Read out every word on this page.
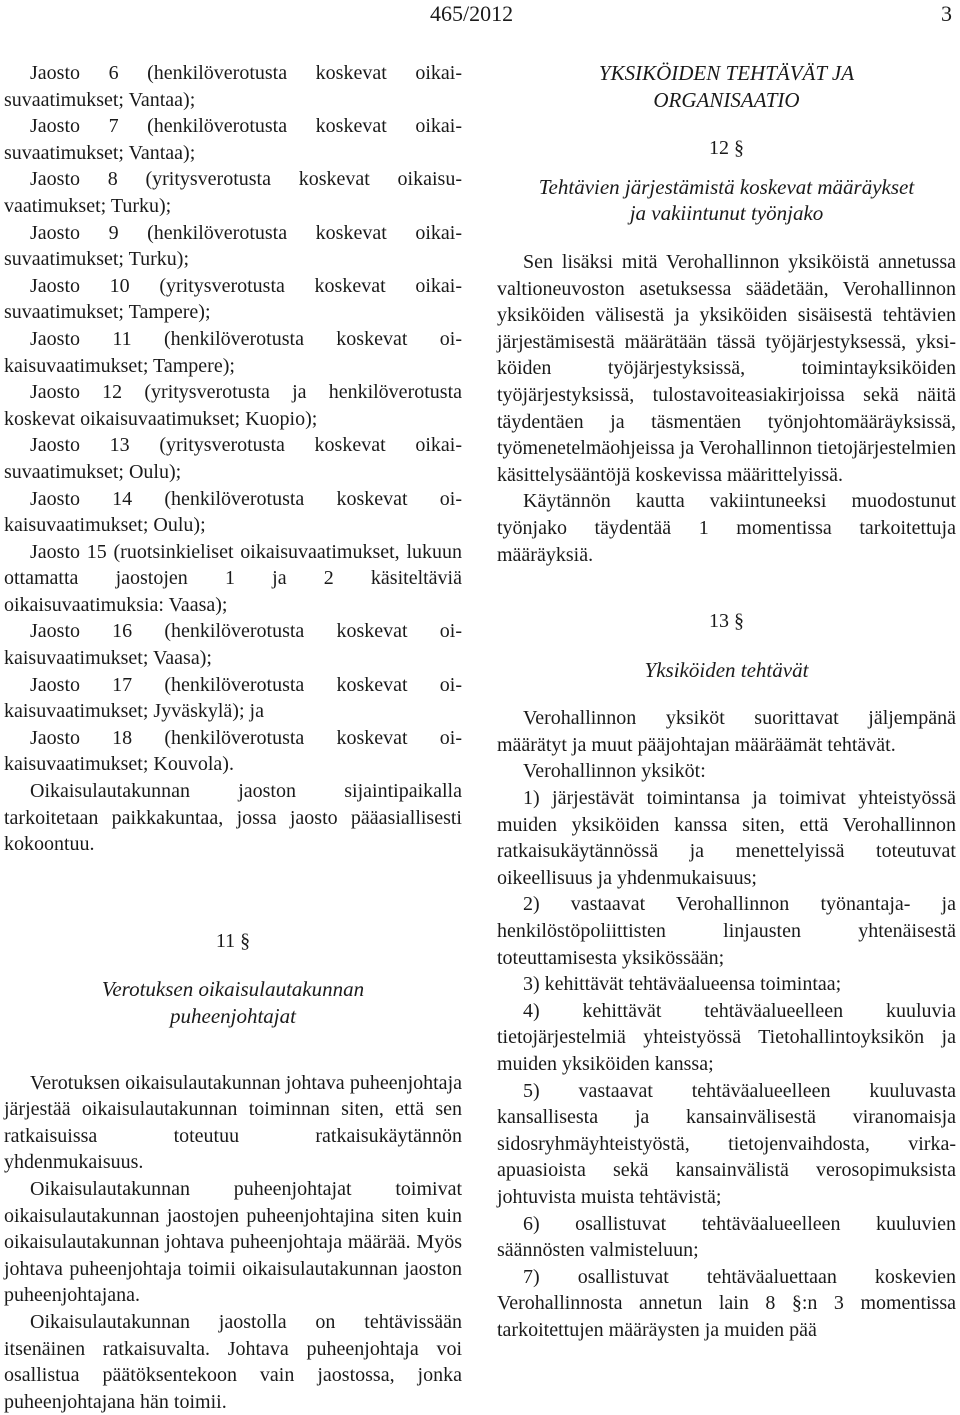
465/2012	3

Jaosto 6 (henkilöverotusta koskevat oikaisuvaatimukset; Vantaa);

Jaosto 7 (henkilöverotusta koskevat oikaisuvaatimukset; Vantaa);

Jaosto 8 (yritysverotusta koskevat oikaisuvaatimukset; Turku);

Jaosto 9 (henkilöverotusta koskevat oikaisuvaatimukset; Turku);

Jaosto 10 (yritysverotusta koskevat oikaisuvaatimukset; Tampere);

Jaosto 11 (henkilöverotusta koskevat oikaisuvaatimukset; Tampere);

Jaosto 12 (yritysverotusta ja henkilöverotusta koskevat oikaisuvaatimukset; Kuopio);

Jaosto 13 (yritysverotusta koskevat oikaisuvaatimukset; Oulu);

Jaosto 14 (henkilöverotusta koskevat oikaisuvaatimukset; Oulu);

Jaosto 15 (ruotsinkieliset oikaisuvaatimukset, lukuun ottamatta jaostojen 1 ja 2 käsiteltäviä oikaisuvaatimuksia: Vaasa);

Jaosto 16 (henkilöverotusta koskevat oikaisuvaatimukset; Vaasa);

Jaosto 17 (henkilöverotusta koskevat oikaisuvaatimukset; Jyväskylä); ja

Jaosto 18 (henkilöverotusta koskevat oikaisuvaatimukset; Kouvola).

Oikaisulautakunnan jaoston sijaintipaikalla tarkoitetaan paikkakuntaa, jossa jaosto pääasiallisesti kokoontuu.

11 §

Verotuksen oikaisulautakunnan

puheenjohtajat

Verotuksen oikaisulautakunnan johtava puheenjohtaja järjestää oikaisulautakunnan toiminnan siten, että sen ratkaisuissa toteutuu ratkaisukäytännön yhdenmukaisuus.

Oikaisulautakunnan puheenjohtajat toimivat oikaisulautakunnan jaostojen puheenjohtajina siten kuin oikaisulautakunnan johtava puheenjohtaja määrää. Myös johtava puheenjohtaja toimii oikaisulautakunnan jaoston puheenjohtajana.

Oikaisulautakunnan jaostolla on tehtävissään itsenäinen ratkaisuvalta. Johtava puheenjohtaja voi osallistua päätöksentekoon vain jaostossa, jonka puheenjohtajana hän toimii.

YKSIKÖIDEN TEHTÄVÄT JA

ORGANISAATIO

12 §

Tehtävien järjestämistä koskevat määräykset

ja vakiintunut työnjako

Sen lisäksi mitä Verohallinnon yksiköistä annetussa valtioneuvoston asetuksessa säädetään, Verohallinnon yksiköiden välisestä ja yksiköiden sisäisestä tehtävien järjestämisestä määrätään tässä työjärjestyksessä, yksiköiden työjärjestyksissä, toimintayksiköiden työjärjestyksissä, tulostavoiteasiakirjoissa sekä näitä täydentäen ja täsmentäen työnjohtomääräyksissä, työmenetelmäohjeissa ja Verohallinnon tietojärjestelmien käsittelysääntöjä koskevissa määrittelyissä.

Käytännön kautta vakiintuneeksi muodostunut työnjako täydentää 1 momentissa tarkoitettuja määräyksiä.

13 §

Yksiköiden tehtävät

Verohallinnon yksiköt suorittavat jäljempänä määrätyt ja muut pääjohtajan määräämät tehtävät.

Verohallinnon yksiköt:

1) järjestävät toimintansa ja toimivat yhteistyössä muiden yksiköiden kanssa siten, että Verohallinnon ratkaisukäytännössä ja menettelyissä toteutuvat oikeellisuus ja yhdenmukaisuus;

2) vastaavat Verohallinnon työnantaja- ja henkilöstöpoliittisten linjausten yhtenäisestä toteuttamisesta yksikössään;

3) kehittävät tehtäväalueensa toimintaa;

4) kehittävät tehtäväalueelleen kuuluvia tietojärjestelmiä yhteistyössä Tietohallintoyksikön ja muiden yksiköiden kanssa;

5) vastaavat tehtäväalueelleen kuuluvasta kansallisesta ja kansainvälisestä viranomaisja sidosryhmäyhteistyöstä, tietojenvaihdosta, virka-apuasioista sekä kansainvälistä verosopimuksista johtuvista muista tehtävistä;

6) osallistuvat tehtäväalueelleen kuuluvien säännösten valmisteluun;

7) osallistuvat tehtäväaluettaan koskevien Verohallinnosta annetun lain 8 §:n 3 momentissa tarkoitettujen määräysten ja muiden pää
